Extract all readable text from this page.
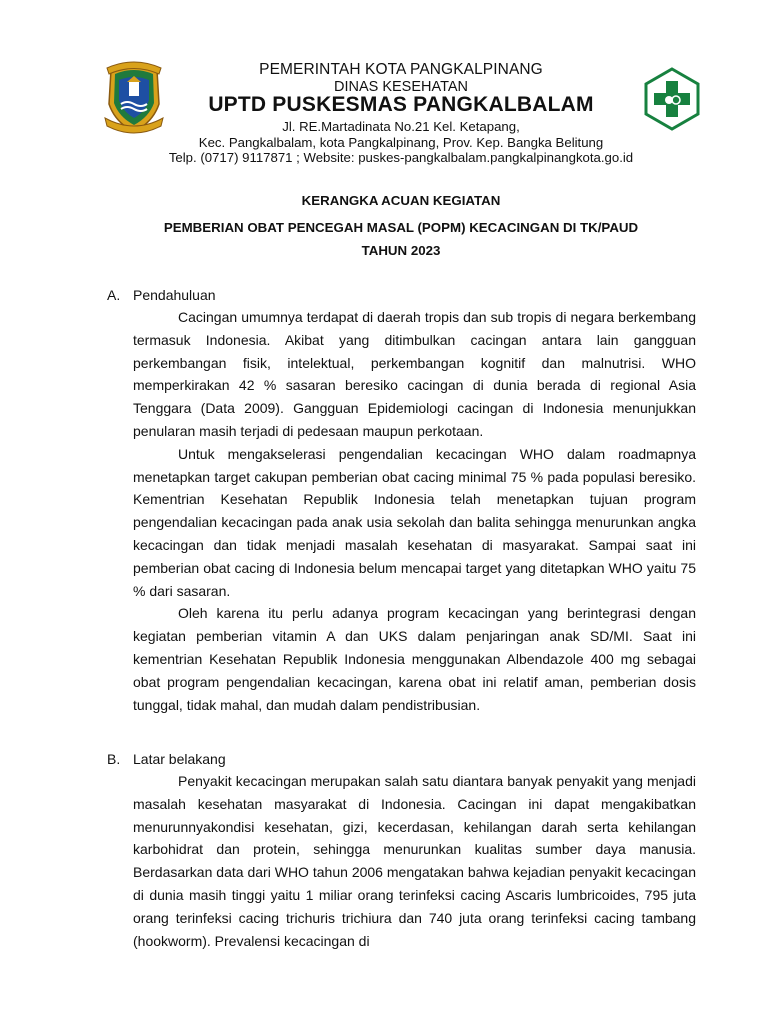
PEMERINTAH KOTA PANGKALPINANG
DINAS KESEHATAN
UPTD PUSKESMAS PANGKALBALAM
Jl. RE.Martadinata No.21 Kel. Ketapang,
Kec. Pangkalbalam, kota Pangkalpinang, Prov. Kep. Bangka Belitung
Telp. (0717) 9117871 ; Website: puskes-pangkalbalam.pangkalpinangkota.go.id
KERANGKA ACUAN KEGIATAN
PEMBERIAN OBAT PENCEGAH MASAL (POPM) KECACINGAN DI TK/PAUD
TAHUN 2023
A. Pendahuluan

Cacingan umumnya terdapat di daerah tropis dan sub tropis di negara berkembang termasuk Indonesia. Akibat yang ditimbulkan cacingan antara lain gangguan perkembangan fisik, intelektual, perkembangan kognitif dan malnutrisi. WHO memperkirakan 42 % sasaran beresiko cacingan di dunia berada di regional Asia Tenggara (Data 2009). Gangguan Epidemiologi cacingan di Indonesia menunjukkan penularan masih terjadi di pedesaan maupun perkotaan.

Untuk mengakselerasi pengendalian kecacingan WHO dalam roadmapnya menetapkan target cakupan pemberian obat cacing minimal 75 % pada populasi beresiko. Kementrian Kesehatan Republik Indonesia telah menetapkan tujuan program pengendalian kecacingan pada anak usia sekolah dan balita sehingga menurunkan angka kecacingan dan tidak menjadi masalah kesehatan di masyarakat. Sampai saat ini pemberian obat cacing di Indonesia belum mencapai target yang ditetapkan WHO yaitu 75 % dari sasaran.

Oleh karena itu perlu adanya program kecacingan yang berintegrasi dengan kegiatan pemberian vitamin A dan UKS dalam penjaringan anak SD/MI. Saat ini kementrian Kesehatan Republik Indonesia menggunakan Albendazole 400 mg sebagai obat program pengendalian kecacingan, karena obat ini relatif aman, pemberian dosis tunggal, tidak mahal, dan mudah dalam pendistribusian.

B. Latar belakang

Penyakit kecacingan merupakan salah satu diantara banyak penyakit yang menjadi masalah kesehatan masyarakat di Indonesia. Cacingan ini dapat mengakibatkan menurunnyakondisi kesehatan, gizi, kecerdasan, kehilangan darah serta kehilangan karbohidrat dan protein, sehingga menurunkan kualitas sumber daya manusia. Berdasarkan data dari WHO tahun 2006 mengatakan bahwa kejadian penyakit kecacingan di dunia masih tinggi yaitu 1 miliar orang terinfeksi cacing Ascaris lumbricoides, 795 juta orang terinfeksi cacing trichuris trichiura dan 740 juta orang terinfeksi cacing tambang (hookworm). Prevalensi kecacingan di
